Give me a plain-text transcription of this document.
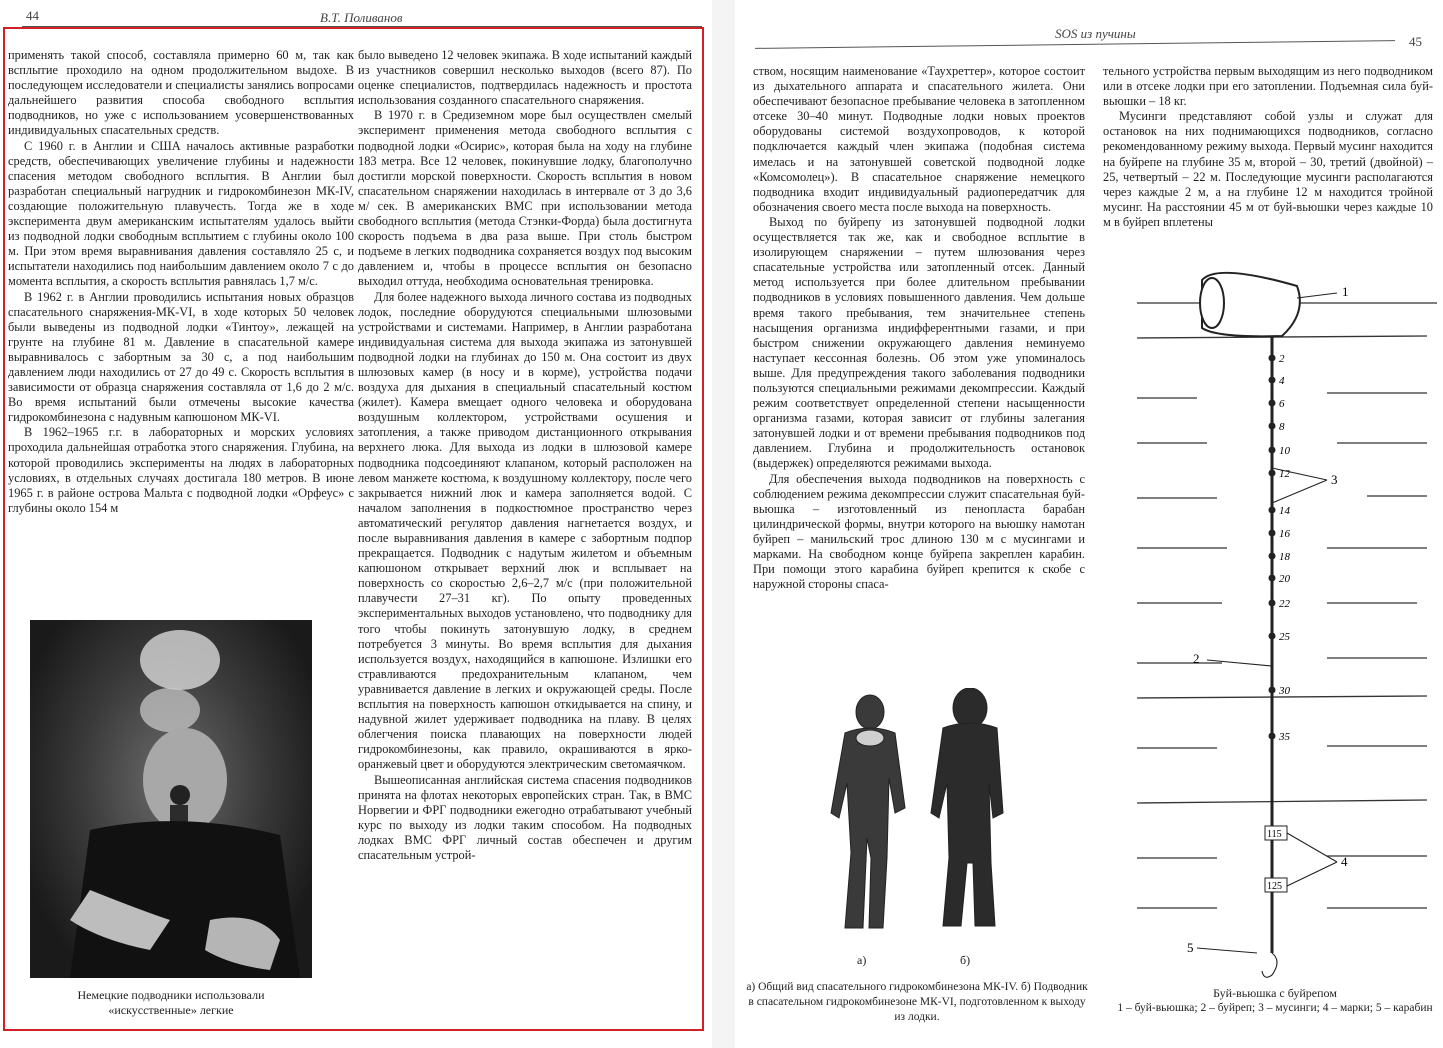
44	В.Т. Поливанов

применять такой способ, составляла примерно 60 м, так как всплытие проходило на одном продолжительном выдохе. В последующем исследователи и специалисты занялись вопросами дальнейшего развития способа свободного всплытия подводников, но уже с использованием усовершенствованных индивидуальных спасательных средств.

С 1960 г. в Англии и США началось активные разработки средств, обеспечивающих увеличение глубины и надежности спасения методом свободного всплытия. В Англии был разработан специальный нагрудник и гидрокомбинезон МК-IV, создающие положительную плавучесть. Тогда же в ходе эксперимента двум американским испытателям удалось выйти из подводной лодки свободным всплытием с глубины около 100 м. При этом время выравнивания давления составляло 25 с, и испытатели находились под наибольшим давлением около 7 с до момента всплытия, а скорость всплытия равнялась 1,7 м/с.

В 1962 г. в Англии проводились испытания новых образцов спасательного снаряжения-МК-VI, в ходе которых 50 человек были выведены из подводной лодки «Тинтоу», лежащей на грунте на глубине 81 м. Давление в спасательной камере выравнивалось с забортным за 30 с, а под наибольшим давлением люди находились от 27 до 49 с. Скорость всплытия в зависимости от образца снаряжения составляла от 1,6 до 2 м/с. Во время испытаний были отмечены высокие качества гидрокомбинезона с надувным капюшоном МК-VI.

В 1962–1965 г.г. в лабораторных и морских условиях проходила дальнейшая отработка этого снаряжения. Глубина, на которой проводились эксперименты на людях в лабораторных условиях, в отдельных случаях достигала 180 метров. В июне 1965 г. в районе острова Мальта с подводной лодки «Орфеус» с глубины около 154 м

Немецкие подводники использовали «искусственные» легкие

было выведено 12 человек экипажа. В ходе испытаний каждый из участников совершил несколько выходов (всего 87). По оценке специалистов, подтвердилась надежность и простота использования созданного спасательного снаряжения.

В 1970 г. в Средиземном море был осуществлен смелый эксперимент применения метода свободного всплытия с подводной лодки «Осирис», которая была на ходу на глубине 183 метра. Все 12 человек, покинувшие лодку, благополучно достигли морской поверхности. Скорость всплытия в новом спасательном снаряжении находилась в интервале от 3 до 3,6 м/ сек. В американских ВМС при использовании метода свободного всплытия (метода Стэнки-Форда) была достигнута скорость подъема в два раза выше. При столь быстром подъеме в легких подводника сохраняется воздух под высоким давлением и, чтобы в процессе всплытия он безопасно выходил оттуда, необходима основательная тренировка.

Для более надежного выхода личного состава из подводных лодок, последние оборудуются специальными шлюзовыми устройствами и системами. Например, в Англии разработана индивидуальная система для выхода экипажа из затонувшей подводной лодки на глубинах до 150 м. Она состоит из двух шлюзовых камер (в носу и в корме), устройства подачи воздуха для дыхания в специальный спасательный костюм (жилет). Камера вмещает одного человека и оборудована воздушным коллектором, устройствами осушения и затопления, а также приводом дистанционного открывания верхнего люка. Для выхода из лодки в шлюзовой камере подводника подсоединяют клапаном, который расположен на левом манжете костюма, к воздушному коллектору, после чего закрывается нижний люк и камера заполняется водой. С началом заполнения в подкостюмное пространство через автоматический регулятор давления нагнетается воздух, и после выравнивания давления в камере с забортным подпор прекращается. Подводник с надутым жилетом и объемным капюшоном открывает верхний люк и всплывает на поверхность со скоростью 2,6–2,7 м/с (при положительной плавучести 27–31 кг). По опыту проведенных экспериментальных выходов установлено, что подводнику для того чтобы покинуть затонувшую лодку, в среднем потребуется 3 минуты. Во время всплытия для дыхания используется воздух, находящийся в капюшоне. Излишки его стравливаются предохранительным клапаном, чем уравнивается давление в легких и окружающей среды. После всплытия на поверхность капюшон откидывается на спину, и надувной жилет удерживает подводника на плаву. В целях облегчения поиска плавающих на поверхности людей гидрокомбинезоны, как правило, окрашиваются в ярко-оранжевый цвет и оборудуются электрическим светомаячком.

Вышеописанная английская система спасения подводников принята на флотах некоторых европейских стран. Так, в ВМС Норвегии и ФРГ подводники ежегодно отрабатывают учебный курс по выходу из лодки таким способом. На подводных лодках ВМС ФРГ личный состав обеспечен и другим спасательным устрой-

SOS из пучины
45

ством, носящим наименование «Таухреттер», которое состоит из дыхательного аппарата и спасательного жилета. Они обеспечивают безопасное пребывание человека в затопленном отсеке 30–40 минут. Подводные лодки новых проектов оборудованы системой воздухопроводов, к которой подключается каждый член экипажа (подобная система имелась и на затонувшей советской подводной лодке «Комсомолец»). В спасательное снаряжение немецкого подводника входит индивидуальный радиопередатчик для обозначения своего места после выхода на поверхность.

Выход по буйрепу из затонувшей подводной лодки осуществляется так же, как и свободное всплытие в изолирующем снаряжении – путем шлюзования через спасательные устройства или затопленный отсек. Данный метод используется при более длительном пребывании подводников в условиях повышенного давления. Чем дольше время такого пребывания, тем значительнее степень насыщения организма индифферентными газами, и при быстром снижении окружающего давления неминуемо наступает кессонная болезнь. Об этом уже упоминалось выше. Для предупреждения такого заболевания подводники пользуются специальными режимами декомпрессии. Каждый режим соответствует определенной степени насыщенности организма газами, которая зависит от глубины залегания затонувшей лодки и от времени пребывания подводников под давлением. Глубина и продолжительность остановок (выдержек) определяются режимами выхода.

Для обеспечения выхода подводников на поверхность с соблюдением режима декомпрессии служит спасательная буй-вьюшка – изготовленный из пенопласта барабан цилиндрической формы, внутри которого на вьюшку намотан буйреп – манильский трос длиною 130 м с мусингами и марками. На свободном конце буйрепа закреплен карабин. При помощи этого карабина буйреп крепится к скобе с наружной стороны спаса-

тельного устройства первым выходящим из него подводником или в отсеке лодки при его затоплении. Подъемная сила буй-вьюшки – 18 кг.

Мусинги представляют собой узлы и служат для остановок на них поднимающихся подводников, согласно рекомендованному режиму выхода. Первый мусинг находится на буйрепе на глубине 35 м, второй – 30, третий (двойной) – 25, четвертый – 22 м. Последующие мусинги располагаются через каждые 2 м, а на глубине 12 м находится тройной мусинг. На расстоянии 45 м от буй-вьюшки через каждые 10 м в буйреп вплетены

а)	б)
а) Общий вид спасательного гидрокомбинезона МК-IV. б) Подводник в спасательном гидрокомбинезоне МК-VI, подготовленном к выходу из лодки.
2
4
6
8
10
12
14
16
18
20
22
25
30
35
115
125
1
2
3
4
5
Буй-вьюшка с буйрепом
1 – буй-вьюшка; 2 – буйреп; 3 – мусинги; 4 – марки; 5 – карабин
